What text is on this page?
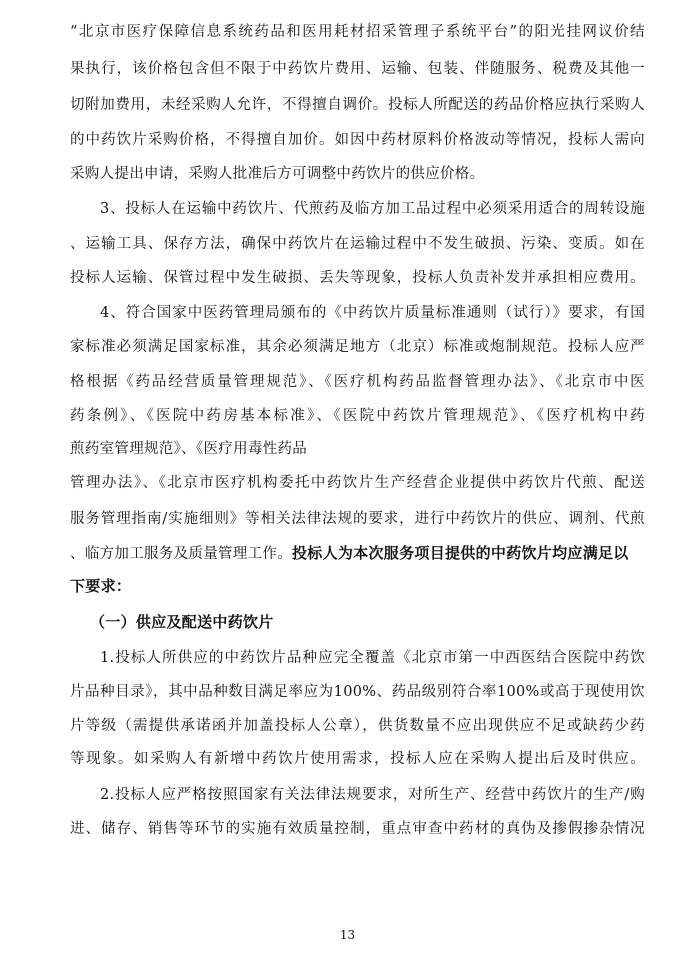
“北京市医疗保障信息系统药品和医用耗材招采管理子系统平台”的阳光挂网议价结
果执行，该价格包含但不限于中药饮片费用、运输、包装、伴随服务、税费及其他一
切附加费用，未经采购人允许，不得擅自调价。投标人所配送的药品价格应执行采购人
的中药饮片采购价格，不得擅自加价。如因中药材原料价格波动等情况，投标人需向
采购人提出申请，采购人批准后方可调整中药饮片的供应价格。
3、投标人在运输中药饮片、代煎药及临方加工品过程中必须采用适合的周转设施
、运输工具、保存方法，确保中药饮片在运输过程中不发生破损、污染、变质。如在
投标人运输、保管过程中发生破损、丢失等现象，投标人负责补发并承担相应费用。
4、符合国家中医药管理局颁布的《中药饮片质量标准通则（试行）》要求，有国
家标准必须满足国家标准，其余必须满足地方（北京）标准或炮制规范。投标人应严
格根据《药品经营质量管理规范》、《医疗机构药品监督管理办法》、《北京市中医
药条例》、《医院中药房基本标准》、《医院中药饮片管理规范》、《医疗机构中药
煎药室管理规范》、《医疗用毒性药品
管理办法》、《北京市医疗机构委托中药饮片生产经营企业提供中药饮片代煎、配送
服务管理指南/实施细则》等相关法律法规的要求，进行中药饮片的供应、调剂、代煎
、临方加工服务及质量管理工作。投标人为本次服务项目提供的中药饮片均应满足以
下要求：
（一）供应及配送中药饮片
1.投标人所供应的中药饮片品种应完全覆盖《北京市第一中西医结合医院中药饮
片品种目录》，其中品种数目满足率应为100%、药品级别符合率100%或高于现使用饮
片等级（需提供承诺函并加盖投标人公章），供货数量不应出现供应不足或缺药少药
等现象。如采购人有新增中药饮片使用需求，投标人应在采购人提出后及时供应。
2.投标人应严格按照国家有关法律法规要求，对所生产、经营中药饮片的生产/购
进、储存、销售等环节的实施有效质量控制，重点审查中药材的真伪及掺假掺杂情况
13
